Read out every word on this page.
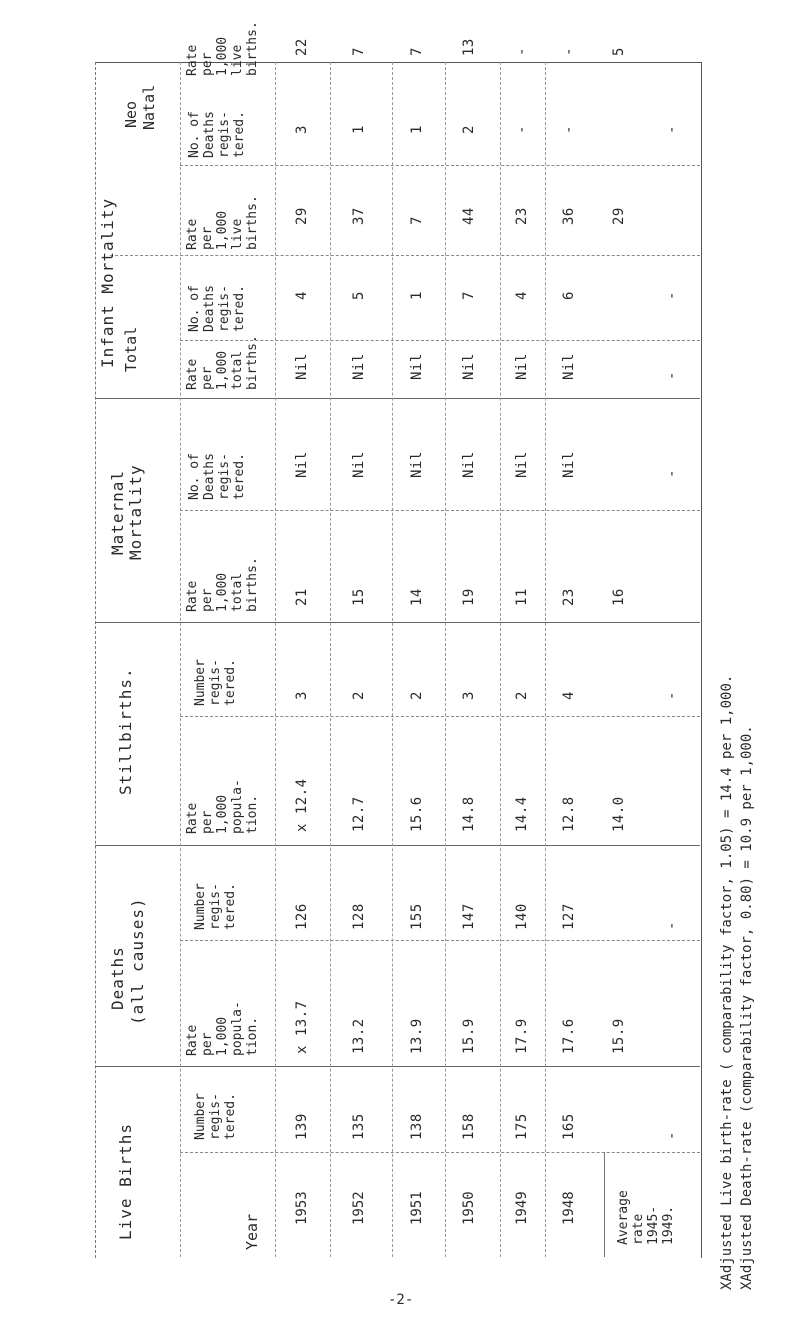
Live Births
Deaths (all causes)
Stillbirths.
Maternal Mortality
Infant Mortality Total
Neo Natal
Year
Number
regis-
tered.
Rate
per
1,000
popula-
tion.
Number
regis-
tered.
Rate
per
1,000
popula-
tion.
Number
regis-
tered.
Rate
per
1,000
total
births.
No. of
Deaths
regis-
tered.
Rate
per
1,000
total
births.
No. of
Deaths
regis-
tered.
Rate
per
1,000
live
births.
No. of
Deaths
regis-
tered.
Rate
per
1,000
live
births.
1953
139
x 13.7
126
x 12.4
3
21
Nil
Nil
4
29
3
22
1952
135
13.2
128
12.7
2
15
Nil
Nil
5
37
1
7
1951
138
13.9
155
15.6
2
14
Nil
Nil
1
7
1
7
1950
158
15.9
147
14.8
3
19
Nil
Nil
7
44
2
13
1949
175
17.9
140
14.4
2
11
Nil
Nil
4
23
-
-
1948
165
17.6
127
12.8
4
23
Nil
Nil
6
36
-
-
Average
rate
1945-
1949.
-
15.9
-
14.0
-
16
-
-
-
29
-
5
XAdjusted Live birth-rate ( comparability factor, 1.05) = 14.4 per 1,000. XAdjusted Death-rate (comparability factor, 0.80) = 10.9 per 1,000.
-2-
